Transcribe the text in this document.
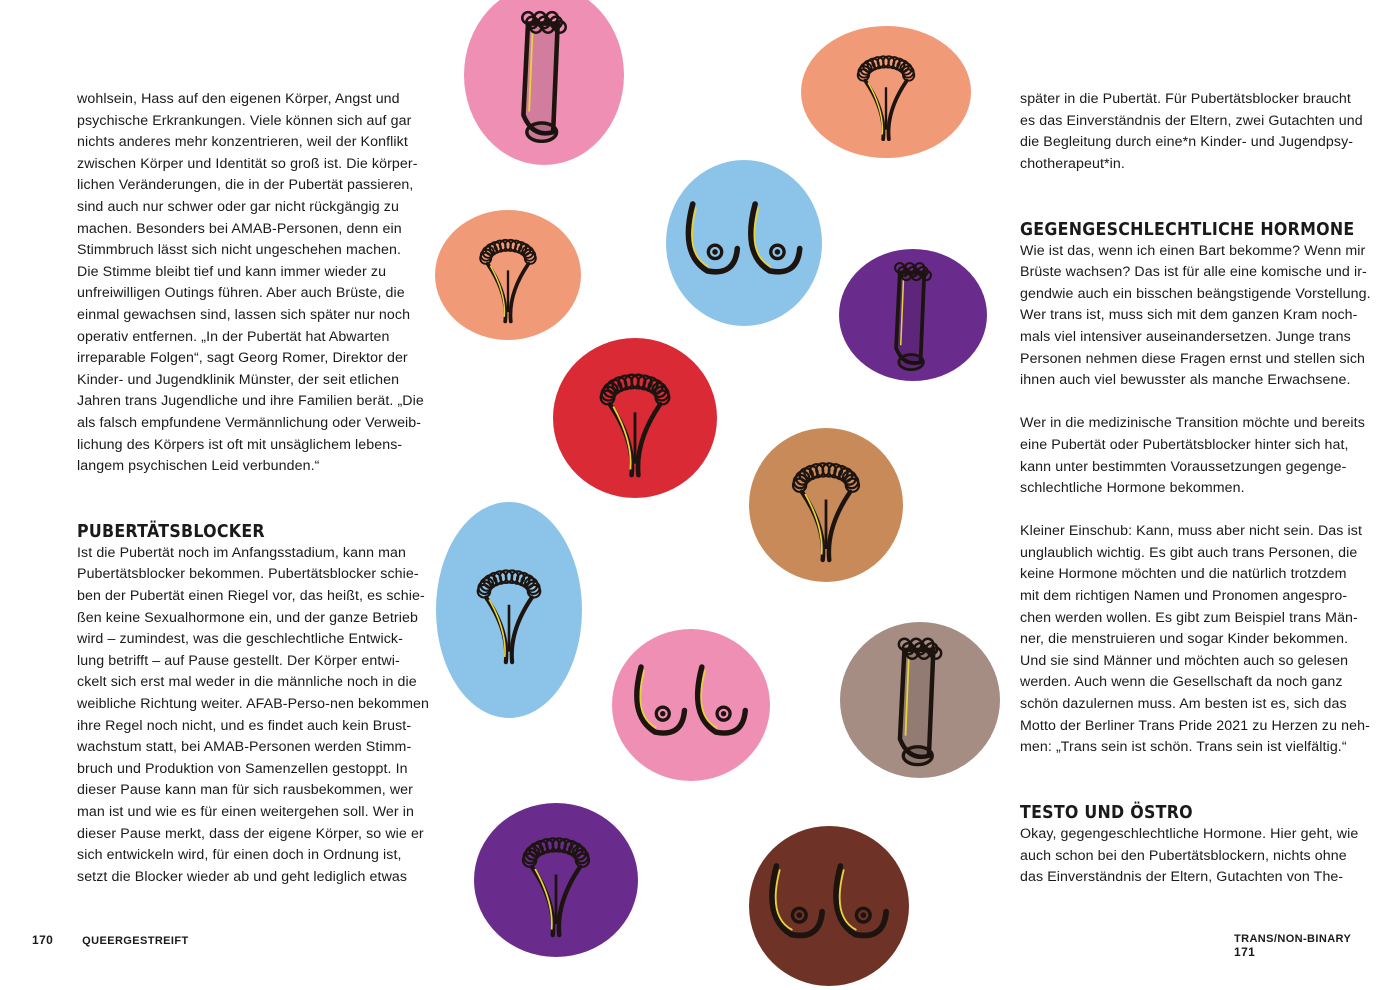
wohlsein, Hass auf den eigenen Körper, Angst und
psychische Erkrankungen. Viele können sich auf gar
nichts anderes mehr konzentrieren, weil der Konflikt
zwischen Körper und Identität so groß ist. Die körper-
lichen Veränderungen, die in der Pubertät passieren,
sind auch nur schwer oder gar nicht rückgängig zu
machen. Besonders bei AMAB-Personen, denn ein
Stimmbruch lässt sich nicht ungeschehen machen.
Die Stimme bleibt tief und kann immer wieder zu
unfreiwilligen Outings führen. Aber auch Brüste, die
einmal gewachsen sind, lassen sich später nur noch
operativ entfernen. „In der Pubertät hat Abwarten
irreparable Folgen“, sagt Georg Romer, Direktor der
Kinder- und Jugendklinik Münster, der seit etlichen
Jahren trans Jugendliche und ihre Familien berät. „Die
als falsch empfundene Vermännlichung oder Verweib-
lichung des Körpers ist oft mit unsäglichem lebens-
langem psychischen Leid verbunden.“
PUBERTÄTSBLOCKER
Ist die Pubertät noch im Anfangsstadium, kann man
Pubertätsblocker bekommen. Pubertätsblocker schie-
ben der Pubertät einen Riegel vor, das heißt, es schie-
ßen keine Sexualhormone ein, und der ganze Betrieb
wird – zumindest, was die geschlechtliche Entwick-
lung betrifft – auf Pause gestellt. Der Körper entwi-
ckelt sich erst mal weder in die männliche noch in die
weibliche Richtung weiter. AFAB-Perso-nen bekommen
ihre Regel noch nicht, und es findet auch kein Brust-
wachstum statt, bei AMAB-Personen werden Stimm-
bruch und Produktion von Samenzellen gestoppt. In
dieser Pause kann man für sich rausbekommen, wer
man ist und wie es für einen weitergehen soll. Wer in
dieser Pause merkt, dass der eigene Körper, so wie er
sich entwickeln wird, für einen doch in Ordnung ist,
setzt die Blocker wieder ab und geht lediglich etwas
später in die Pubertät. Für Pubertätsblocker braucht
es das Einverständnis der Eltern, zwei Gutachten und
die Begleitung durch eine*n Kinder- und Jugendpsy-
chotherapeut*in.
GEGENGESCHLECHTLICHE HORMONE
Wie ist das, wenn ich einen Bart bekomme? Wenn mir
Brüste wachsen? Das ist für alle eine komische und ir-
gendwie auch ein bisschen beängstigende Vorstellung.
Wer trans ist, muss sich mit dem ganzen Kram noch-
mals viel intensiver auseinandersetzen. Junge trans
Personen nehmen diese Fragen ernst und stellen sich
ihnen auch viel bewusster als manche Erwachsene.
Wer in die medizinische Transition möchte und bereits
eine Pubertät oder Pubertätsblocker hinter sich hat,
kann unter bestimmten Voraussetzungen gegenge-
schlechtliche Hormone bekommen.
Kleiner Einschub: Kann, muss aber nicht sein. Das ist
unglaublich wichtig. Es gibt auch trans Personen, die
keine Hormone möchten und die natürlich trotzdem
mit dem richtigen Namen und Pronomen angespro-
chen werden wollen. Es gibt zum Beispiel trans Män-
ner, die menstruieren und sogar Kinder bekommen.
Und sie sind Männer und möchten auch so gelesen
werden. Auch wenn die Gesellschaft da noch ganz
schön dazulernen muss. Am besten ist es, sich das
Motto der Berliner Trans Pride 2021 zu Herzen zu neh-
men: „Trans sein ist schön. Trans sein ist vielfältig.“
TESTO UND ÖSTRO
Okay, gegengeschlechtliche Hormone. Hier geht, wie
auch schon bei den Pubertätsblockern, nichts ohne
das Einverständnis der Eltern, Gutachten von The-
170	QUEERGESTREIFT	TRANS/NON-BINARY  171
